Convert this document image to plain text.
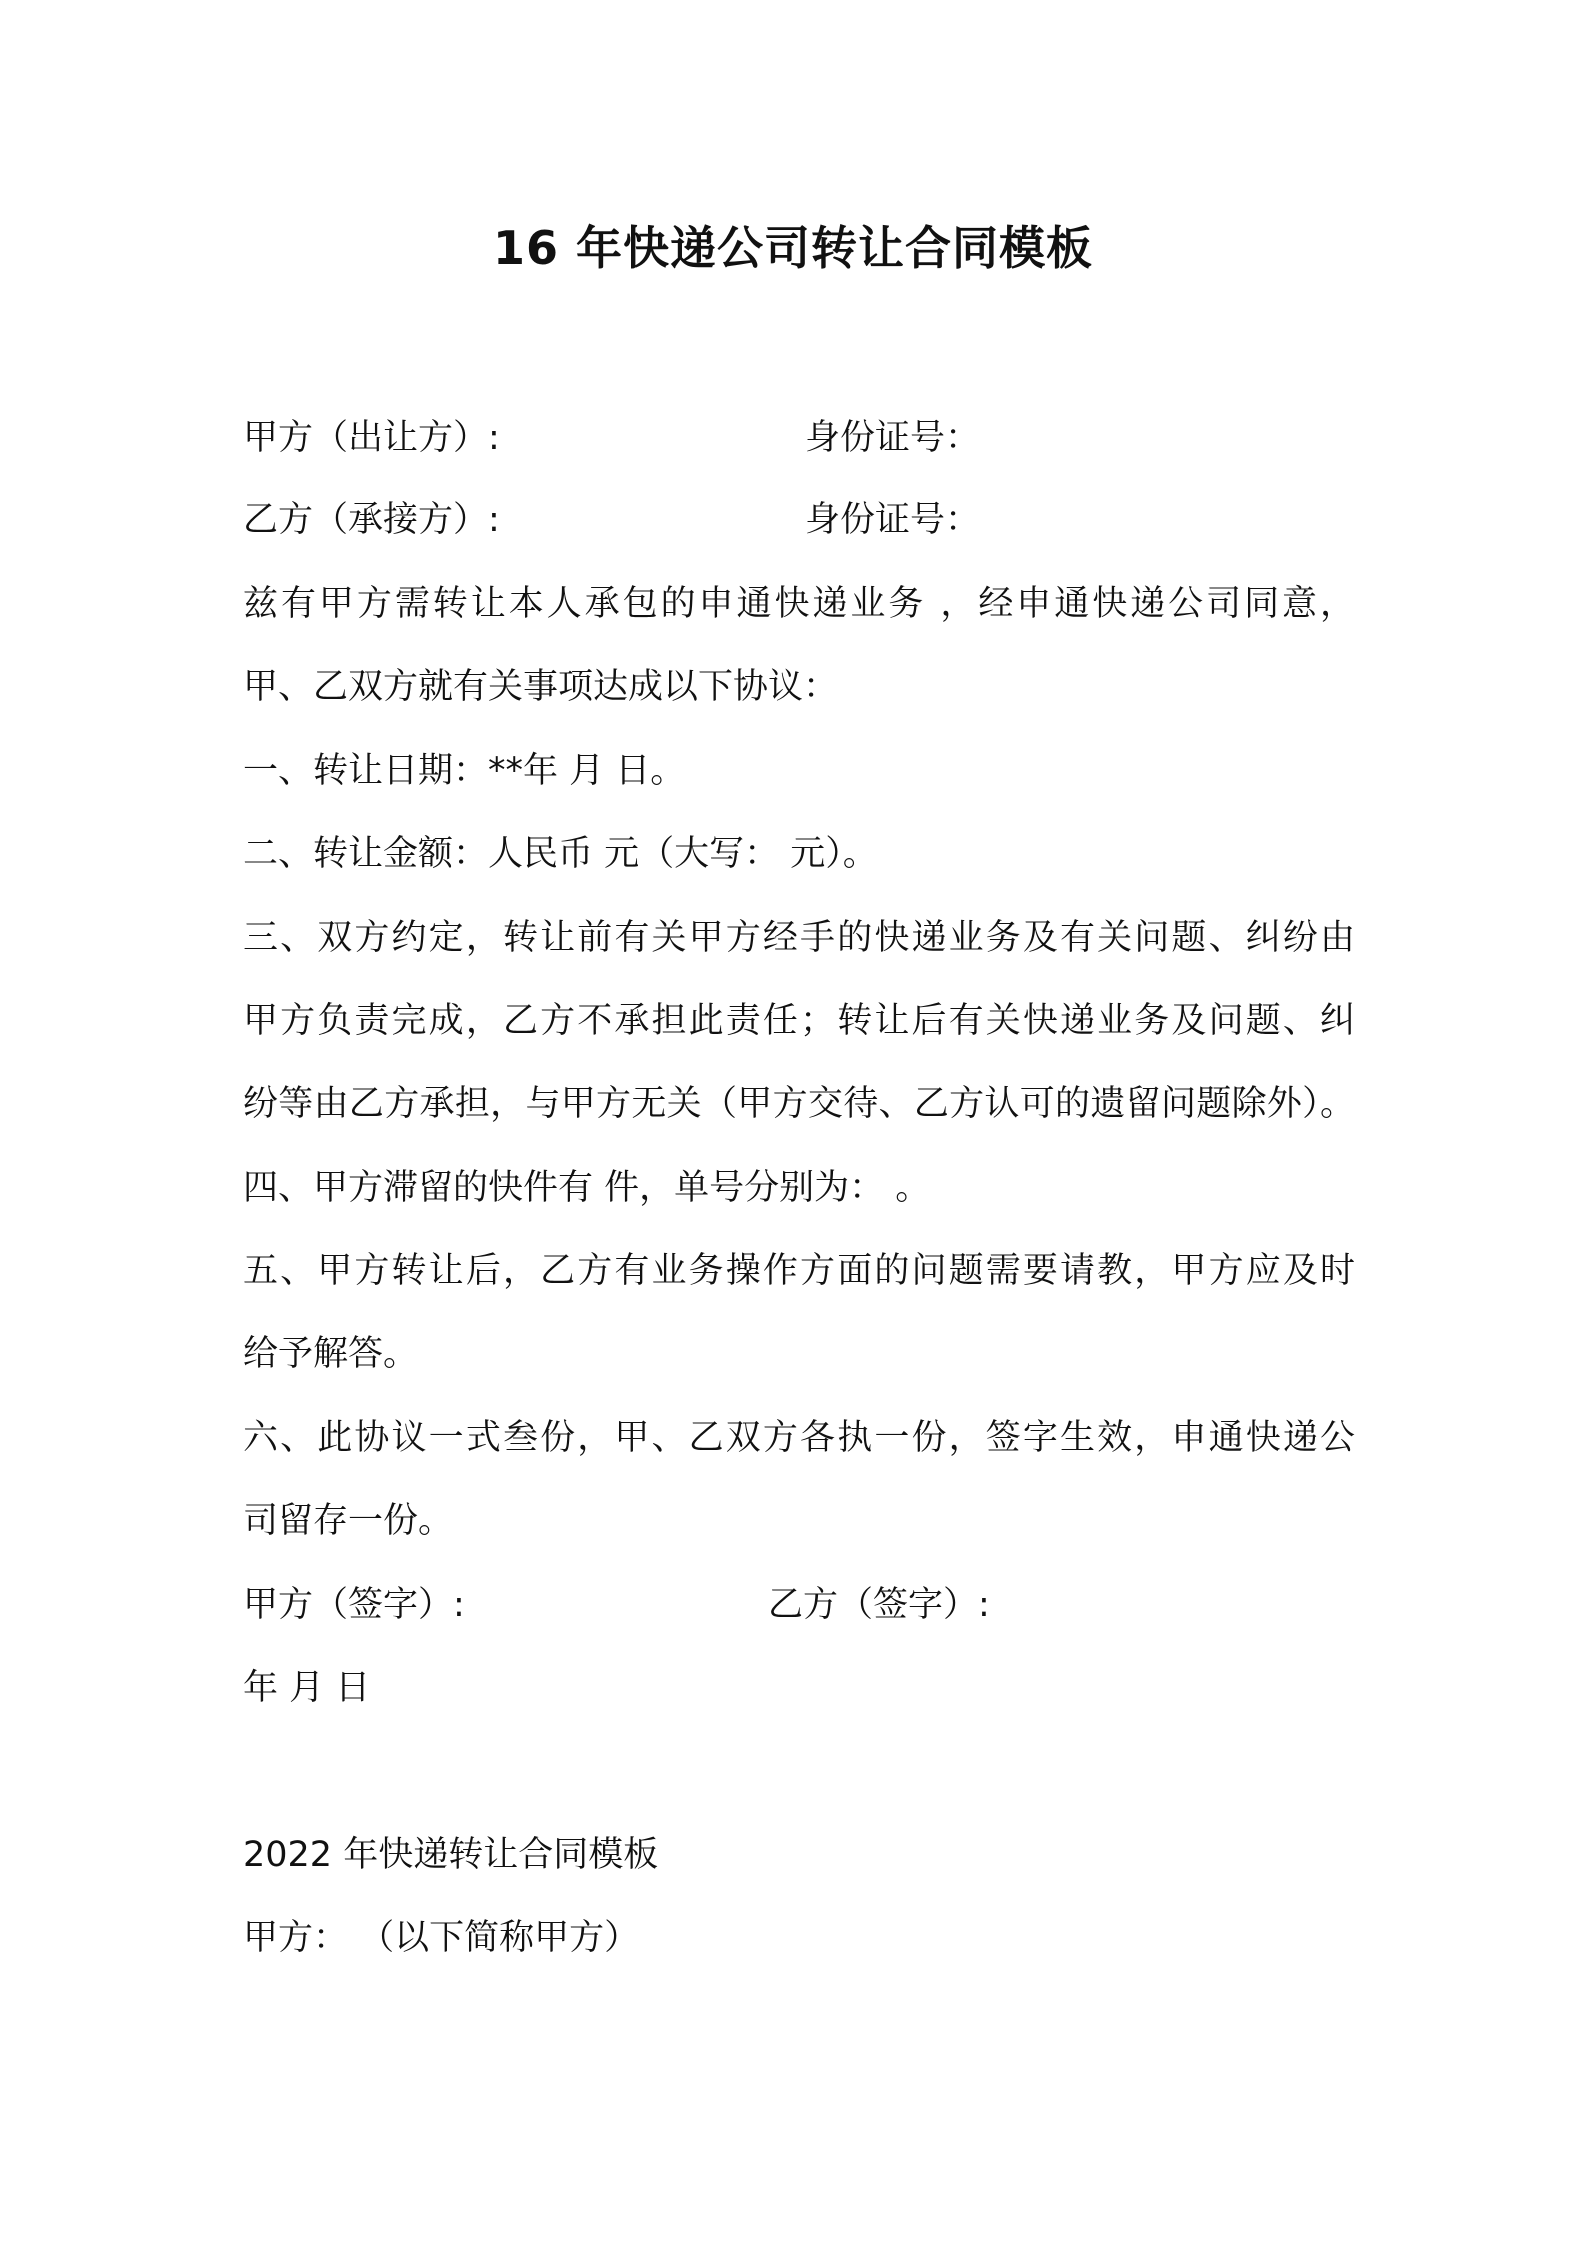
16 年快递公司转让合同模板
甲方（出让方）:	身份证号：
乙方（承接方）:	身份证号：
兹有甲方需转让本人承包的申通快递业务 ，经申通快递公司同意，
甲、乙双方就有关事项达成以下协议：
一、转让日期：**年 月 日。
二、转让金额：人民币 元（大写： 元）。
三、双方约定，转让前有关甲方经手的快递业务及有关问题、纠纷由
甲方负责完成，乙方不承担此责任；转让后有关快递业务及问题、纠
纷等由乙方承担，与甲方无关（甲方交待、乙方认可的遗留问题除外）。
四、甲方滞留的快件有 件，单号分别为： 。
五、甲方转让后，乙方有业务操作方面的问题需要请教，甲方应及时
给予解答。
六、此协议一式叁份，甲、乙双方各执一份，签字生效，申通快递公
司留存一份。
甲方（签字）:	乙方（签字）:
年 月 日
2022 年快递转让合同模板
甲方： （以下简称甲方）
